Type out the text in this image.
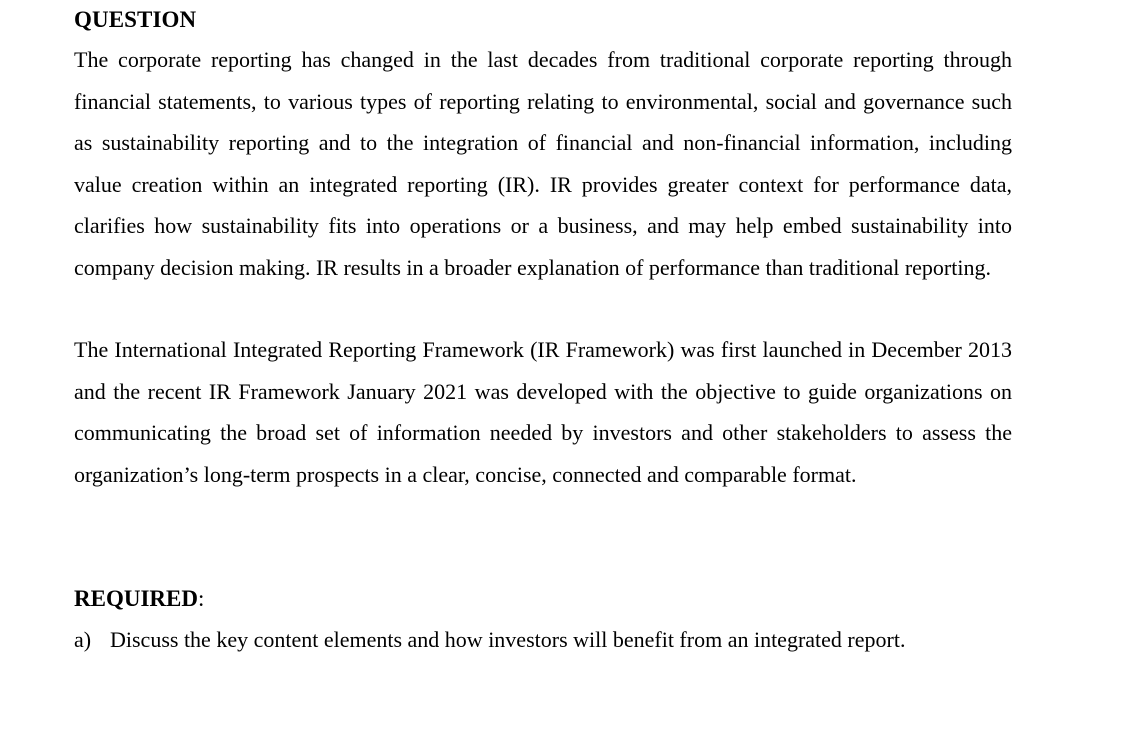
QUESTION

The corporate reporting has changed in the last decades from traditional corporate reporting through financial statements, to various types of reporting relating to environmental, social and governance such as sustainability reporting and to the integration of financial and non-financial information, including value creation within an integrated reporting (IR). IR provides greater context for performance data, clarifies how sustainability fits into operations or a business, and may help embed sustainability into company decision making. IR results in a broader explanation of performance than traditional reporting.

The International Integrated Reporting Framework (IR Framework) was first launched in December 2013 and the recent IR Framework January 2021 was developed with the objective to guide organizations on communicating the broad set of information needed by investors and other stakeholders to assess the organization’s long-term prospects in a clear, concise, connected and comparable format.

REQUIRED:
a) Discuss the key content elements and how investors will benefit from an integrated report.
